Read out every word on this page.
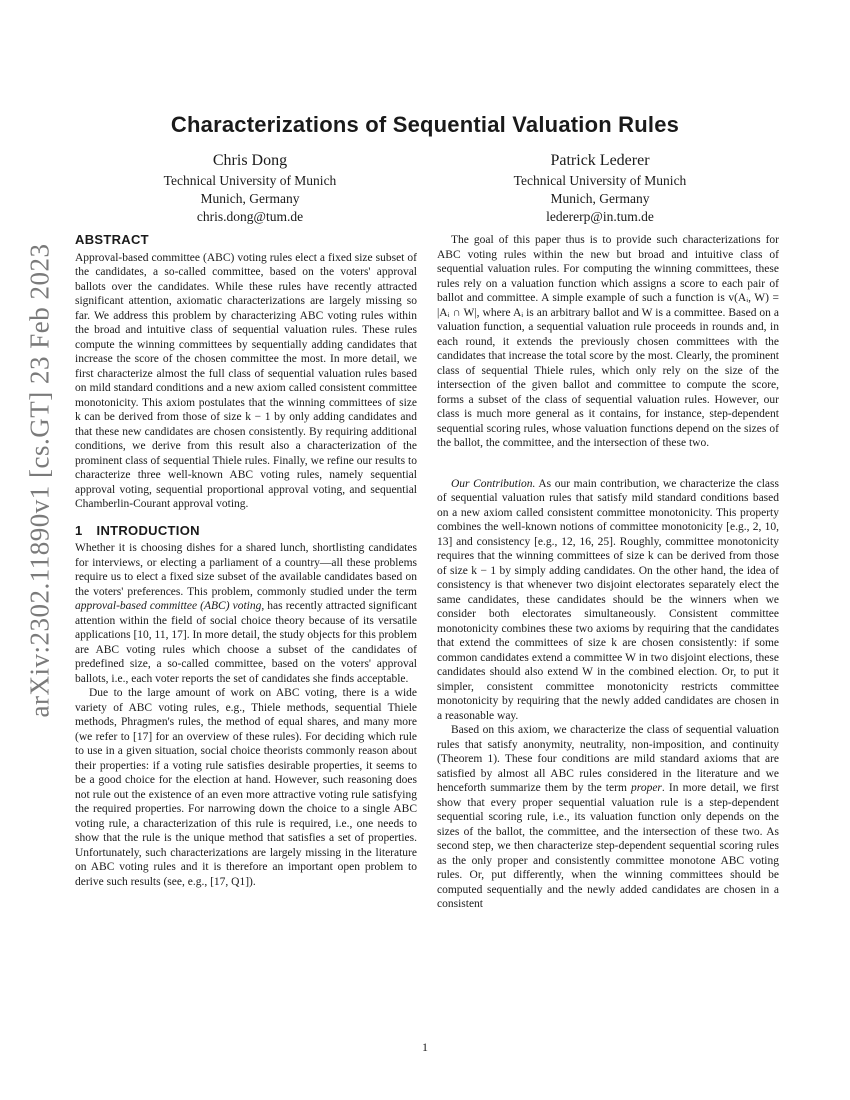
arXiv:2302.11890v1 [cs.GT] 23 Feb 2023
Characterizations of Sequential Valuation Rules
Chris Dong
Technical University of Munich
Munich, Germany
chris.dong@tum.de
Patrick Lederer
Technical University of Munich
Munich, Germany
ledererp@in.tum.de
ABSTRACT

Approval-based committee (ABC) voting rules elect a fixed size subset of the candidates, a so-called committee, based on the voters' approval ballots over the candidates. While these rules have recently attracted significant attention, axiomatic characterizations are largely missing so far. We address this problem by characterizing ABC voting rules within the broad and intuitive class of sequential valuation rules. These rules compute the winning committees by sequentially adding candidates that increase the score of the chosen committee the most. In more detail, we first characterize almost the full class of sequential valuation rules based on mild standard conditions and a new axiom called consistent committee monotonicity. This axiom postulates that the winning committees of size k can be derived from those of size k − 1 by only adding candidates and that these new candidates are chosen consistently. By requiring additional conditions, we derive from this result also a characterization of the prominent class of sequential Thiele rules. Finally, we refine our results to characterize three well-known ABC voting rules, namely sequential approval voting, sequential proportional approval voting, and sequential Chamberlin-Courant approval voting.

1 INTRODUCTION

Whether it is choosing dishes for a shared lunch, shortlisting candidates for interviews, or electing a parliament of a country—all these problems require us to elect a fixed size subset of the available candidates based on the voters' preferences. This problem, commonly studied under the term approval-based committee (ABC) voting, has recently attracted significant attention within the field of social choice theory because of its versatile applications [10, 11, 17]. In more detail, the study objects for this problem are ABC voting rules which choose a subset of the candidates of predefined size, a so-called committee, based on the voters' approval ballots, i.e., each voter reports the set of candidates she finds acceptable.

Due to the large amount of work on ABC voting, there is a wide variety of ABC voting rules, e.g., Thiele methods, sequential Thiele methods, Phragmen's rules, the method of equal shares, and many more (we refer to [17] for an overview of these rules). For deciding which rule to use in a given situation, social choice theorists commonly reason about their properties: if a voting rule satisfies desirable properties, it seems to be a good choice for the election at hand. However, such reasoning does not rule out the existence of an even more attractive voting rule satisfying the required properties. For narrowing down the choice to a single ABC voting rule, a characterization of this rule is required, i.e., one needs to show that the rule is the unique method that satisfies a set of properties. Unfortunately, such characterizations are largely missing in the literature on ABC voting rules and it is therefore an important open problem to derive such results (see, e.g., [17, Q1]).

The goal of this paper thus is to provide such characterizations for ABC voting rules within the new but broad and intuitive class of sequential valuation rules. For computing the winning committees, these rules rely on a valuation function which assigns a score to each pair of ballot and committee. A simple example of such a function is v(Aᵢ, W) = |Aᵢ ∩ W|, where Aᵢ is an arbitrary ballot and W is a committee. Based on a valuation function, a sequential valuation rule proceeds in rounds and, in each round, it extends the previously chosen committees with the candidates that increase the total score by the most. Clearly, the prominent class of sequential Thiele rules, which only rely on the size of the intersection of the given ballot and committee to compute the score, forms a subset of the class of sequential valuation rules. However, our class is much more general as it contains, for instance, step-dependent sequential scoring rules, whose valuation functions depend on the sizes of the ballot, the committee, and the intersection of these two.

Our Contribution. As our main contribution, we characterize the class of sequential valuation rules that satisfy mild standard conditions based on a new axiom called consistent committee monotonicity. This property combines the well-known notions of committee monotonicity [e.g., 2, 10, 13] and consistency [e.g., 12, 16, 25]. Roughly, committee monotonicity requires that the winning committees of size k can be derived from those of size k − 1 by simply adding candidates. On the other hand, the idea of consistency is that whenever two disjoint electorates separately elect the same candidates, these candidates should be the winners when we consider both electorates simultaneously. Consistent committee monotonicity combines these two axioms by requiring that the candidates that extend the committees of size k are chosen consistently: if some common candidates extend a committee W in two disjoint elections, these candidates should also extend W in the combined election. Or, to put it simpler, consistent committee monotonicity restricts committee monotonicity by requiring that the newly added candidates are chosen in a reasonable way.

Based on this axiom, we characterize the class of sequential valuation rules that satisfy anonymity, neutrality, non-imposition, and continuity (Theorem 1). These four conditions are mild standard axioms that are satisfied by almost all ABC rules considered in the literature and we henceforth summarize them by the term proper. In more detail, we first show that every proper sequential valuation rule is a step-dependent sequential scoring rule, i.e., its valuation function only depends on the sizes of the ballot, the committee, and the intersection of these two. As second step, we then characterize step-dependent sequential scoring rules as the only proper and consistently committee monotone ABC voting rules. Or, put differently, when the winning committees should be computed sequentially and the newly added candidates are chosen in a consistent

1
